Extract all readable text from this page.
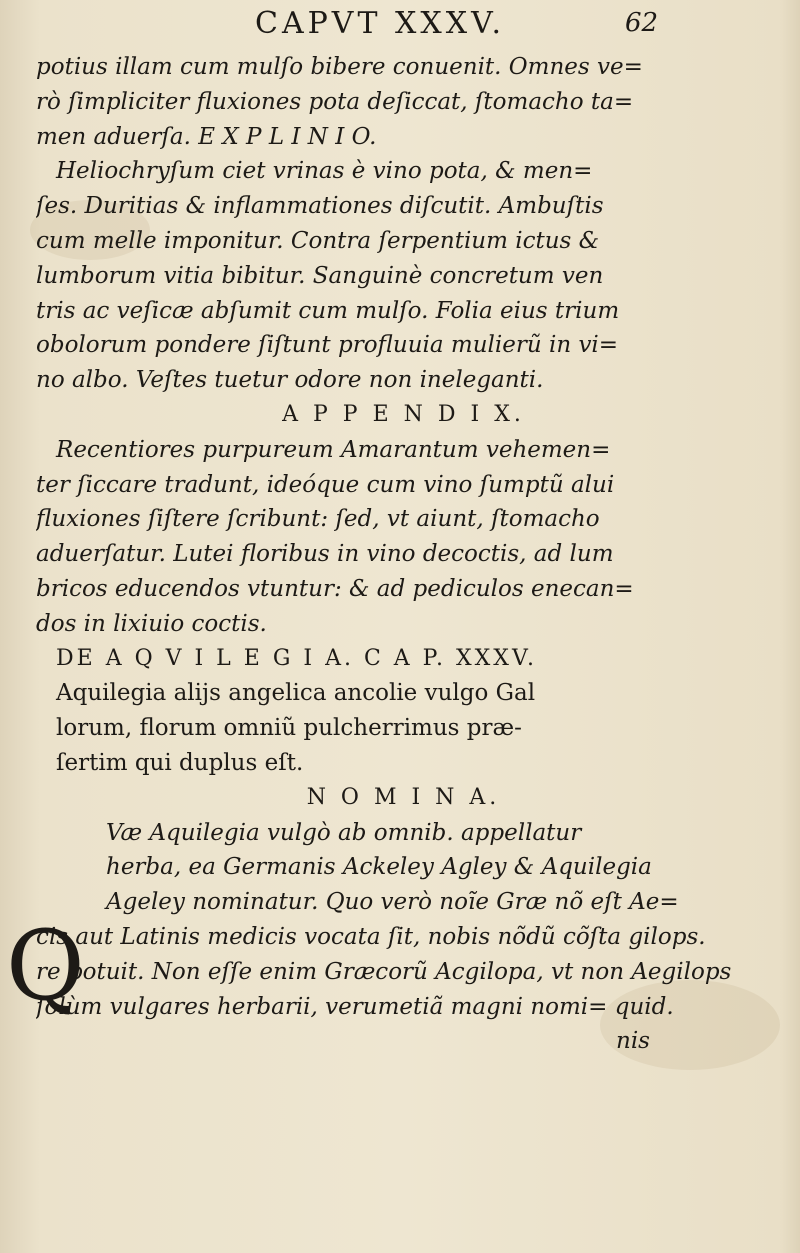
CAPVT XXXV.	62
potius illam cum mulſo bibere conuenit. Omnes ve=
rò ſimpliciter fluxiones pota deſiccat, ſtomacho ta=
men aduerſa. E X P L I N I O.
Heliochryſum ciet vrinas è vino pota, & men=
ſes. Duritias & inflammationes diſcutit. Ambuſtis
cum melle imponitur. Contra ſerpentium ictus &
lumborum vitia bibitur. Sanguinè concretum ven
tris ac veſicæ abſumit cum mulſo. Folia eius trium
obolorum pondere ſiſtunt profluuia mulierũ in vi=
no albo. Veſtes tuetur odore non ineleganti.
A P P E N D I X.
Recentiores purpureum Amarantum vehemen=
ter ſiccare tradunt, ideóque cum vino ſumptũ alui
fluxiones ſiſtere ſcribunt: ſed, vt aiunt, ſtomacho
aduerſatur. Lutei floribus in vino decoctis, ad lum
bricos educendos vtuntur: & ad pediculos enecan=
dos in lixiuio coctis.
DE A Q V I L E G I A. C A P. XXXV.
Aquilegia alijs angelica ancolie vulgo Gal
lorum, florum omniũ pulcherrimus præ-
ſertim qui duplus eſt.
N O M I N A.
Væ Aquilegia vulgò ab omnib. appellatur
herba, ea Germanis Ackeley Agley & Aquilegia
Ageley nominatur. Quo verò noĩe Græ nõ eſt Ae=
cis aut Latinis medicis vocata ſit, nobis nõdũ cõſta gilops.
re potuit. Non eſſe enim Græcorũ Acgilopa, vt non Aegilops
ſolùm vulgares herbarii, verumetiã magni nomi= quid.
nis
Q
